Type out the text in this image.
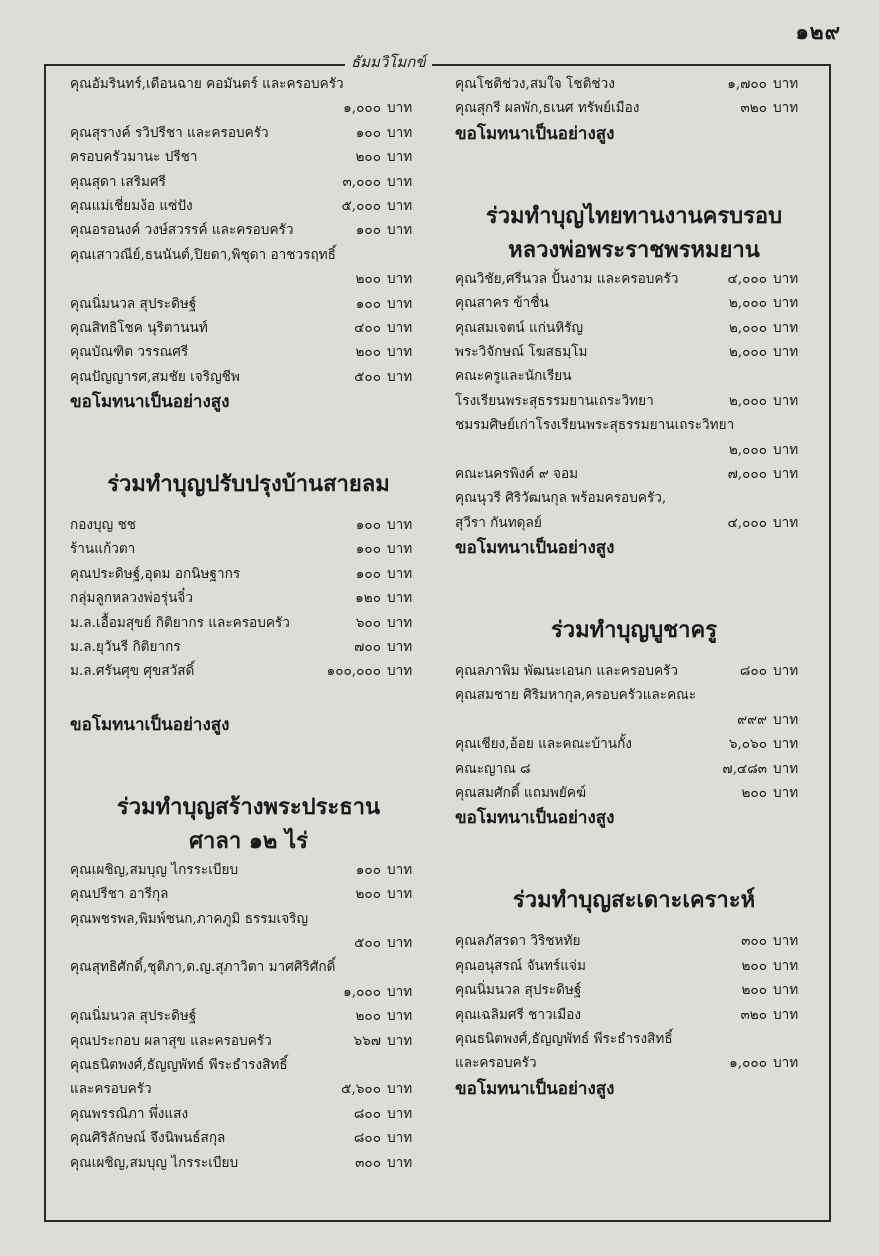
๑๒๙
ธัมมวิโมกข์
คุณอัมรินทร์,เดือนฉาย คอมันตร์ และครอบครัว
๑,๐๐๐ บาท
คุณสุรางค์ รวิปรีชา และครอบครัว	๑๐๐ บาท
ครอบครัวมานะ ปรีชา	๒๐๐ บาท
คุณสุดา เสริมศรี	๓,๐๐๐ บาท
คุณแม่เชี่ยมง้อ แซ่ปัง	๕,๐๐๐ บาท
คุณอรอนงค์ วงษ์สวรรค์ และครอบครัว	๑๐๐ บาท
คุณเสาวณีย์,ธนนันต์,ปิยดา,พิชุดา อาชวรฤทธิ์
๒๐๐ บาท
คุณนิ่มนวล สุประดิษฐ์	๑๐๐ บาท
คุณสิทธิโชค นุริตานนท์	๔๐๐ บาท
คุณบัณฑิต วรรณศรี	๒๐๐ บาท
คุณปัญญารศ,สมชัย เจริญชีพ	๕๐๐ บาท
ขอโมทนาเป็นอย่างสูง
ร่วมทำบุญปรับปรุงบ้านสายลม
กองบุญ ชช	๑๐๐ บาท
ร้านแก้วตา	๑๐๐ บาท
คุณประดิษฐ์,อุดม อกนิษฐากร	๑๐๐ บาท
กลุ่มลูกหลวงพ่อรุ่นจิ๋ว	๑๒๐ บาท
ม.ล.เอื้อมสุขย์ กิติยากร และครอบครัว	๖๐๐ บาท
ม.ล.ยุวันรี กิติยากร	๗๐๐ บาท
ม.ล.ศรันศุข ศุขสวัสดิ์	๑๐๐,๐๐๐ บาท
ขอโมทนาเป็นอย่างสูง
ร่วมทำบุญสร้างพระประธาน
ศาลา ๑๒ ไร่
คุณเผชิญ,สมบุญ ไกรระเบียบ	๑๐๐ บาท
คุณปรีชา อารีกุล	๒๐๐ บาท
คุณพชรพล,พิมพ์ชนก,ภาคภูมิ ธรรมเจริญ
๕๐๐ บาท
คุณสุทธิศักดิ์,ชุติภา,ด.ญ.สุภาวิตา มาศศิริศักดิ์
๑,๐๐๐ บาท
คุณนิ่มนวล สุประดิษฐ์	๒๐๐ บาท
คุณประกอบ ผลาสุข และครอบครัว	๖๖๗ บาท
คุณธนิตพงศ์,ธัญญพัทธ์ พีระธำรงสิทธิ์
และครอบครัว	๕,๖๐๐ บาท
คุณพรรณิภา พึ่งแสง	๘๐๐ บาท
คุณศิริลักษณ์ จึงนิพนธ์สกุล	๘๐๐ บาท
คุณเผชิญ,สมบุญ ไกรระเบียบ	๓๐๐ บาท
คุณโชติช่วง,สมใจ โชติช่วง	๑,๗๐๐ บาท
คุณสุกรี ผลพัก,ธเนศ ทรัพย์เมือง	๓๒๐ บาท
ขอโมทนาเป็นอย่างสูง
ร่วมทำบุญไทยทานงานครบรอบ
หลวงพ่อพระราชพรหมยาน
คุณวิชัย,ศรีนวล ปั้นงาม และครอบครัว	๔,๐๐๐ บาท
คุณสาคร ข้าชื่น	๒,๐๐๐ บาท
คุณสมเจตน์ แก่นหิรัญ	๒,๐๐๐ บาท
พระวิจักษณ์ โฆสธมฺโม	๒,๐๐๐ บาท
คณะครูและนักเรียน
โรงเรียนพระสุธรรมยานเถระวิทยา	๒,๐๐๐ บาท
ชมรมศิษย์เก่าโรงเรียนพระสุธรรมยานเถระวิทยา
๒,๐๐๐ บาท
คณะนครพิงค์ ๙ จอม	๗,๐๐๐ บาท
คุณนุวรี ศิริวัฒนกุล พร้อมครอบครัว,
สุวีรา กันทดุลย์	๔,๐๐๐ บาท
ขอโมทนาเป็นอย่างสูง
ร่วมทำบุญบูชาครู
คุณลภาพิม พัฒนะเอนก และครอบครัว	๘๐๐ บาท
คุณสมชาย ศิริมหากุล,ครอบครัวและคณะ
๙๙๙ บาท
คุณเชียง,อ้อย และคณะบ้านกั้ง	๖,๐๖๐ บาท
คณะญาณ ๘	๗,๔๘๓ บาท
คุณสมศักดิ์ แถมพยัคฆ์	๒๐๐ บาท
ขอโมทนาเป็นอย่างสูง
ร่วมทำบุญสะเดาะเคราะห์
คุณลภัสรดา วิริชหทัย	๓๐๐ บาท
คุณอนุสรณ์ จันทร์แจ่ม	๒๐๐ บาท
คุณนิ่มนวล สุประดิษฐ์	๒๐๐ บาท
คุณเฉลิมศรี ชาวเมือง	๓๒๐ บาท
คุณธนิตพงศ์,ธัญญพัทธ์ พีระธำรงสิทธิ์
และครอบครัว	๑,๐๐๐ บาท
ขอโมทนาเป็นอย่างสูง
